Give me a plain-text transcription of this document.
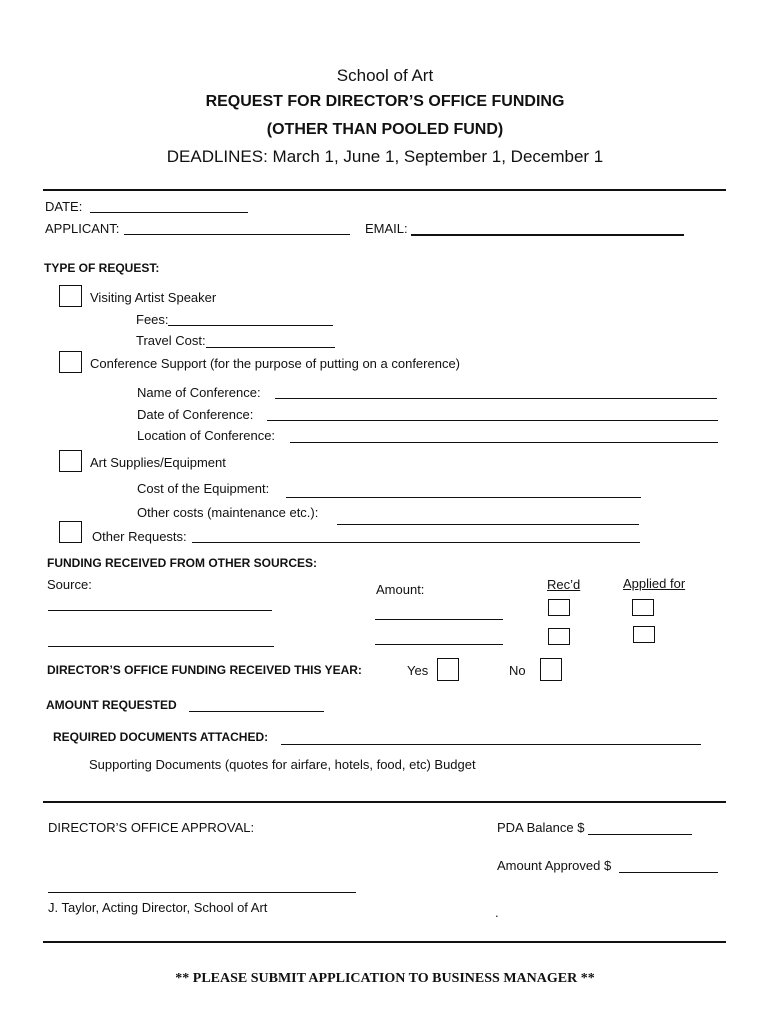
School of Art
REQUEST FOR DIRECTOR’S OFFICE FUNDING
(OTHER THAN POOLED FUND)
DEADLINES: March 1, June 1, September 1, December 1
DATE:
APPLICANT:	EMAIL:
TYPE OF REQUEST:
Visiting Artist Speaker
Fees:
Travel Cost:
Conference Support (for the purpose of putting on a conference)
Name of Conference:
Date of Conference:
Location of Conference:
Art Supplies/Equipment
Cost of the Equipment:
Other costs (maintenance etc.):
Other Requests:
FUNDING RECEIVED FROM OTHER SOURCES:
Source:	Amount:	Rec’d	Applied for
DIRECTOR’S OFFICE FUNDING RECEIVED THIS YEAR:	Yes	No
AMOUNT REQUESTED
REQUIRED DOCUMENTS ATTACHED:
Supporting Documents (quotes for airfare, hotels, food, etc) Budget
DIRECTOR’S OFFICE APPROVAL:	PDA Balance $
Amount Approved $
J. Taylor, Acting Director, School of Art	.
** PLEASE SUBMIT APPLICATION TO BUSINESS MANAGER **
